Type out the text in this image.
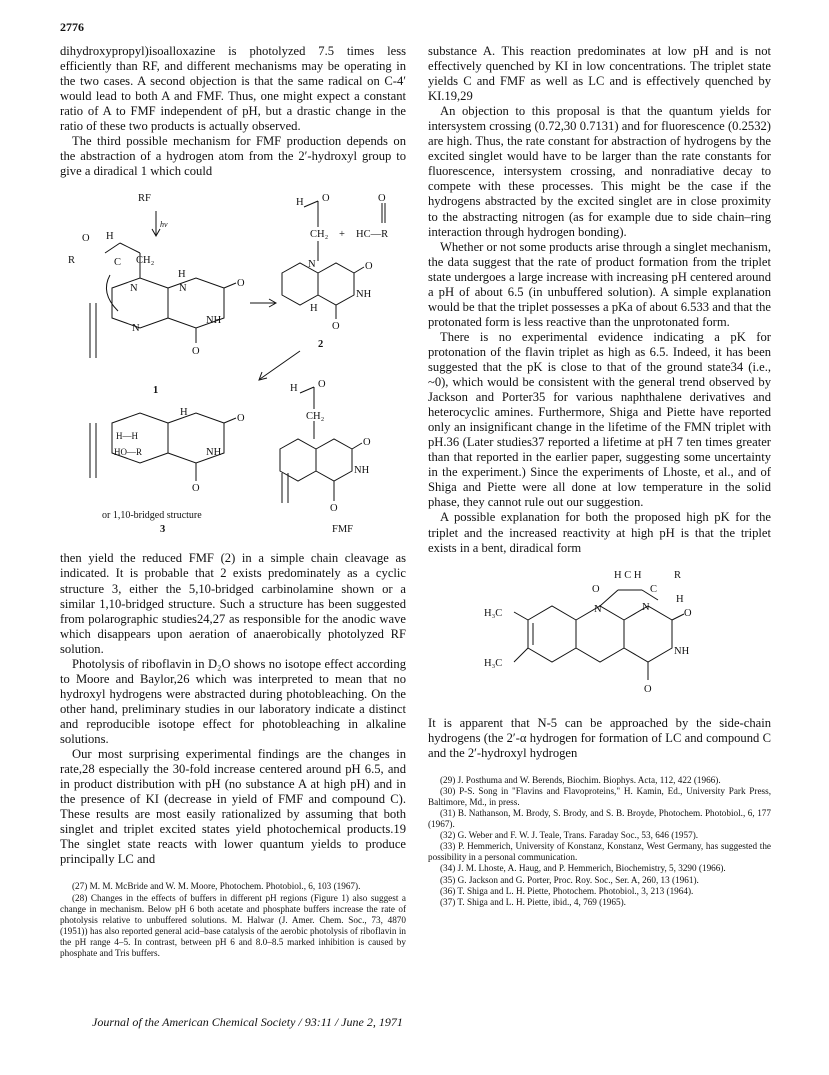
2776

dihydroxypropyl)isoalloxazine is photolyzed 7.5 times less efficiently than RF, and different mechanisms may be operating in the two cases. A second objection is that the same radical on C-4′ would lead to both A and FMF. Thus, one might expect a constant ratio of A to FMF independent of pH, but a drastic change in the ratio of these two products is actually observed.

The third possible mechanism for FMF production depends on the abstraction of a hydrogen atom from the 2′-hydroxyl group to give a diradical 1 which could

RF
hν
O H
R	C CH₂
H
N	N	O
NH
N
O
1
H O
CH₂ +
O
HC—R
N	O
NH
H
O
2
H
H—H
HO—R
O
NH
O
or 1,10-bridged structure
3
H O
CH₂
O
NH
O
FMF

then yield the reduced FMF (2) in a simple chain cleavage as indicated. It is probable that 2 exists predominately as a cyclic structure 3, either the 5,10-bridged carbinolamine shown or a similar 1,10-bridged structure. Such a structure has been suggested from polarographic studies24,27 as responsible for the anodic wave which disappears upon aeration of anaerobically photolyzed RF solution.

Photolysis of riboflavin in D₂O shows no isotope effect according to Moore and Baylor,26 which was interpreted to mean that no hydroxyl hydrogens were abstracted during photobleaching. On the other hand, preliminary studies in our laboratory indicate a distinct and reproducible isotope effect for photobleaching in alkaline solutions.

Our most surprising experimental findings are the changes in rate,28 especially the 30-fold increase centered around pH 6.5, and in product distribution with pH (no substance A at high pH) and in the presence of KI (decrease in yield of FMF and compound C). These results are most easily rationalized by assuming that both singlet and triplet excited states yield photochemical products.19 The singlet state reacts with lower quantum yields to produce principally LC and

(27) M. M. McBride and W. M. Moore, Photochem. Photobiol., 6, 103 (1967).

(28) Changes in the effects of buffers in different pH regions (Figure 1) also suggest a change in mechanism. Below pH 6 both acetate and phosphate buffers increase the rate of photolysis relative to unbuffered solutions. M. Halwar (J. Amer. Chem. Soc., 73, 4870 (1951)) has also reported general acid–base catalysis of the aerobic photolysis of riboflavin in the pH range 4–5. In contrast, between pH 6 and 8.0–8.5 marked inhibition is caused by phosphate and Tris buffers.

substance A. This reaction predominates at low pH and is not effectively quenched by KI in low concentrations. The triplet state yields C and FMF as well as LC and is effectively quenched by KI.19,29

An objection to this proposal is that the quantum yields for intersystem crossing (0.72,30 0.7131) and for fluorescence (0.2532) are high. Thus, the rate constant for abstraction of hydrogens by the excited singlet would have to be larger than the rate constants for fluorescence, intersystem crossing, and nonradiative decay to compete with these processes. This might be the case if the hydrogens abstracted by the excited singlet are in close proximity to the abstracting nitrogen (as for example due to side chain–ring interaction through hydrogen bonding).

Whether or not some products arise through a singlet mechanism, the data suggest that the rate of product formation from the triplet state undergoes a large increase with increasing pH centered around a pH of about 6.5 (in unbuffered solution). A simple explanation would be that the triplet possesses a pKa of about 6.533 and that the protonated form is less reactive than the unprotonated form.

There is no experimental evidence indicating a pK for protonation of the flavin triplet as high as 6.5. Indeed, it has been suggested that the pK is close to that of the ground state34 (i.e., ~0), which would be consistent with the general trend observed by Jackson and Porter35 for various naphthalene derivatives and heterocyclic amines. Furthermore, Shiga and Piette have reported only an insignificant change in the lifetime of the FMN triplet with pH.36 (Later studies37 reported a lifetime at pH 7 ten times greater than that reported in the earlier paper, suggesting some uncertainty in the experiment.) Since the experiments of Lhoste, et al., and of Shiga and Piette were all done at low temperature in the solid phase, they cannot rule out our suggestion.

A possible explanation for both the proposed high pK for the triplet and the increased reactivity at high pH is that the triplet exists in a bent, diradical form

H C H	R
O	C
H
N	N
H₃C	O
NH
H₃C
O

It is apparent that N-5 can be approached by the side-chain hydrogens (the 2′-α hydrogen for formation of LC and compound C and the 2′-hydroxyl hydrogen

(29) J. Posthuma and W. Berends, Biochim. Biophys. Acta, 112, 422 (1966).

(30) P-S. Song in "Flavins and Flavoproteins," H. Kamin, Ed., University Park Press, Baltimore, Md., in press.

(31) B. Nathanson, M. Brody, S. Brody, and S. B. Broyde, Photochem. Photobiol., 6, 177 (1967).

(32) G. Weber and F. W. J. Teale, Trans. Faraday Soc., 53, 646 (1957).

(33) P. Hemmerich, University of Konstanz, Konstanz, West Germany, has suggested the possibility in a personal communication.

(34) J. M. Lhoste, A. Haug, and P. Hemmerich, Biochemistry, 5, 3290 (1966).

(35) G. Jackson and G. Porter, Proc. Roy. Soc., Ser. A, 260, 13 (1961).

(36) T. Shiga and L. H. Piette, Photochem. Photobiol., 3, 213 (1964).

(37) T. Shiga and L. H. Piette, ibid., 4, 769 (1965).

Journal of the American Chemical Society / 93:11 / June 2, 1971
